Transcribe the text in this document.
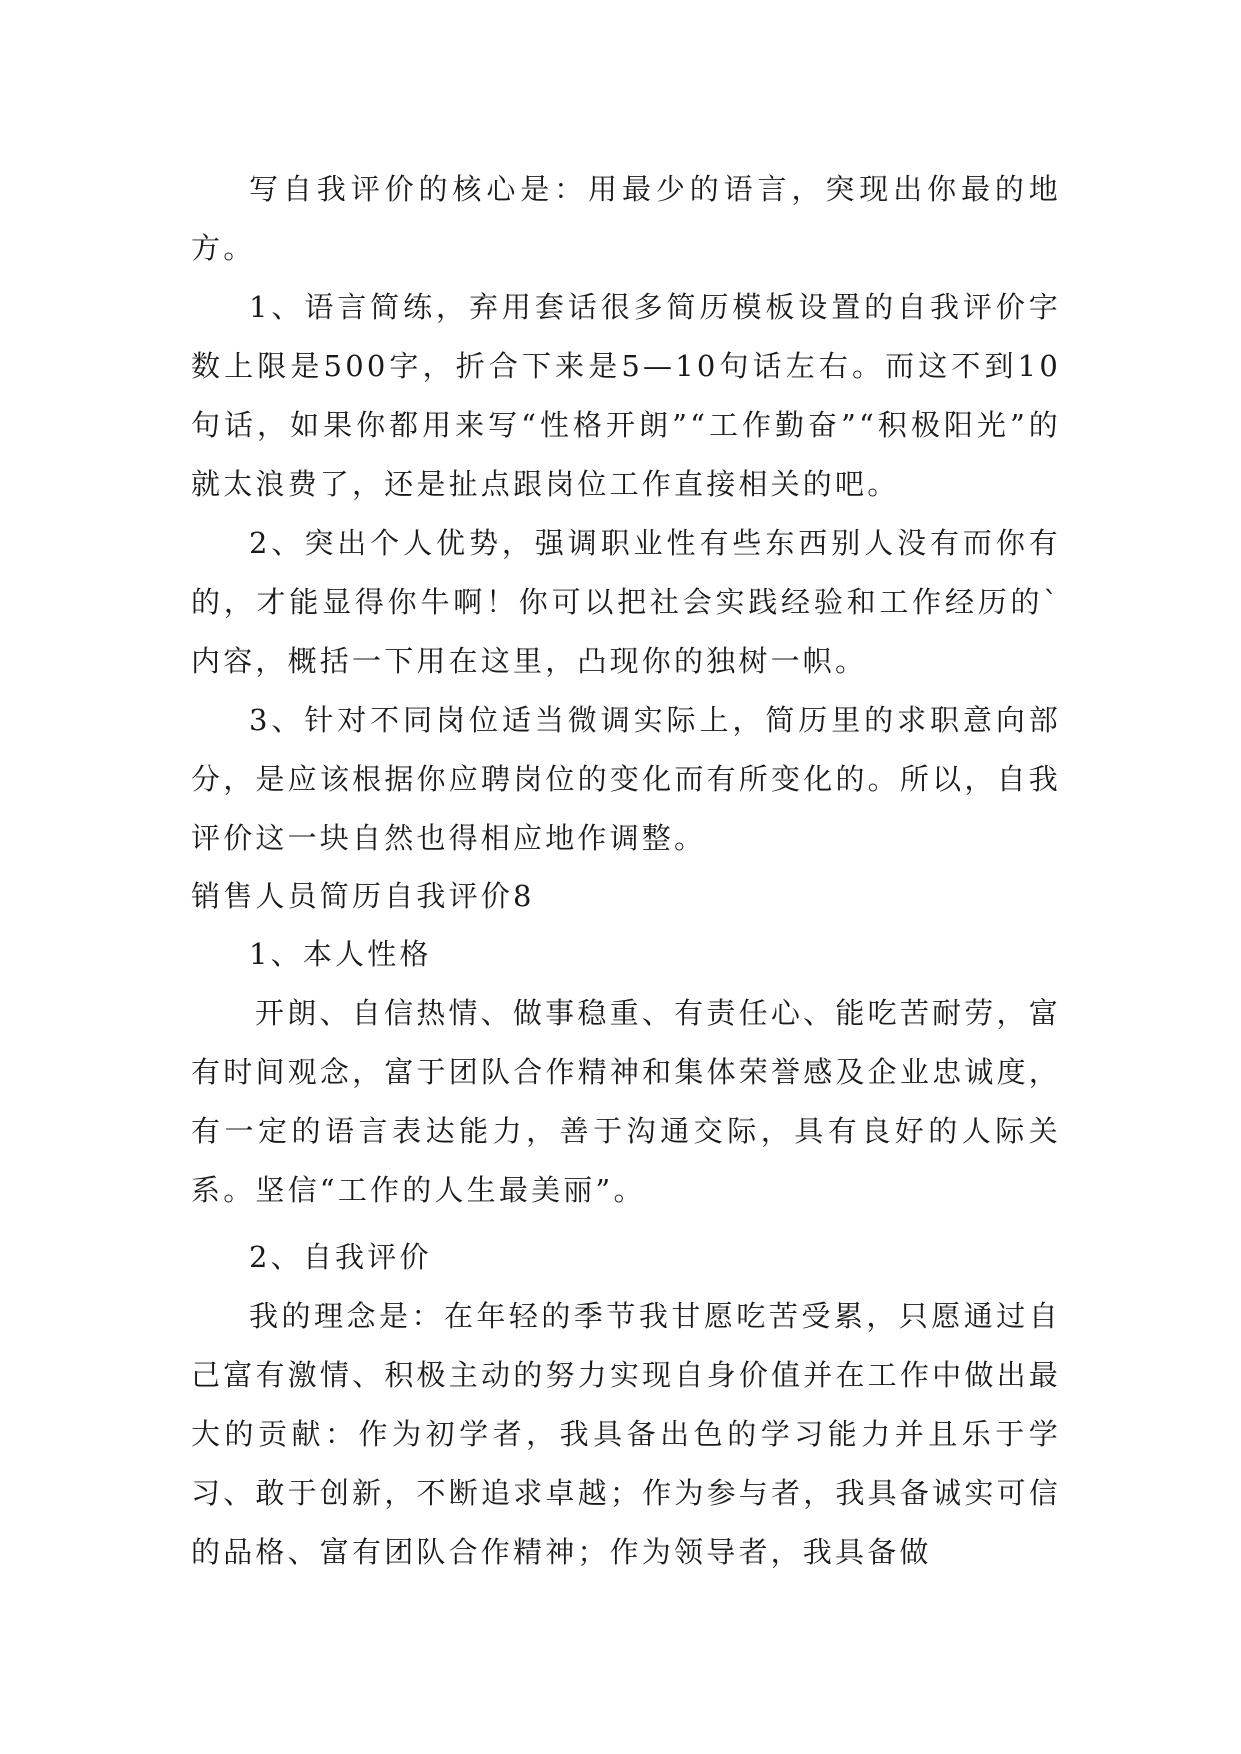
写自我评价的核心是：用最少的语言，突现出你最的地方。

1、语言简练，弃用套话很多简历模板设置的自我评价字数上限是500字，折合下来是5—10句话左右。而这不到10句话，如果你都用来写“性格开朗”“工作勤奋”“积极阳光”的就太浪费了，还是扯点跟岗位工作直接相关的吧。

2、突出个人优势，强调职业性有些东西别人没有而你有的，才能显得你牛啊！你可以把社会实践经验和工作经历的`内容，概括一下用在这里，凸现你的独树一帜。

3、针对不同岗位适当微调实际上，简历里的求职意向部分，是应该根据你应聘岗位的变化而有所变化的。所以，自我评价这一块自然也得相应地作调整。

销售人员简历自我评价8

1、本人性格

开朗、自信热情、做事稳重、有责任心、能吃苦耐劳，富有时间观念，富于团队合作精神和集体荣誉感及企业忠诚度，有一定的语言表达能力，善于沟通交际，具有良好的人际关系。坚信“工作的人生最美丽”。

2、自我评价

我的理念是：在年轻的季节我甘愿吃苦受累，只愿通过自己富有激情、积极主动的努力实现自身价值并在工作中做出最大的贡献：作为初学者，我具备出色的学习能力并且乐于学习、敢于创新，不断追求卓越；作为参与者，我具备诚实可信的品格、富有团队合作精神；作为领导者，我具备做
